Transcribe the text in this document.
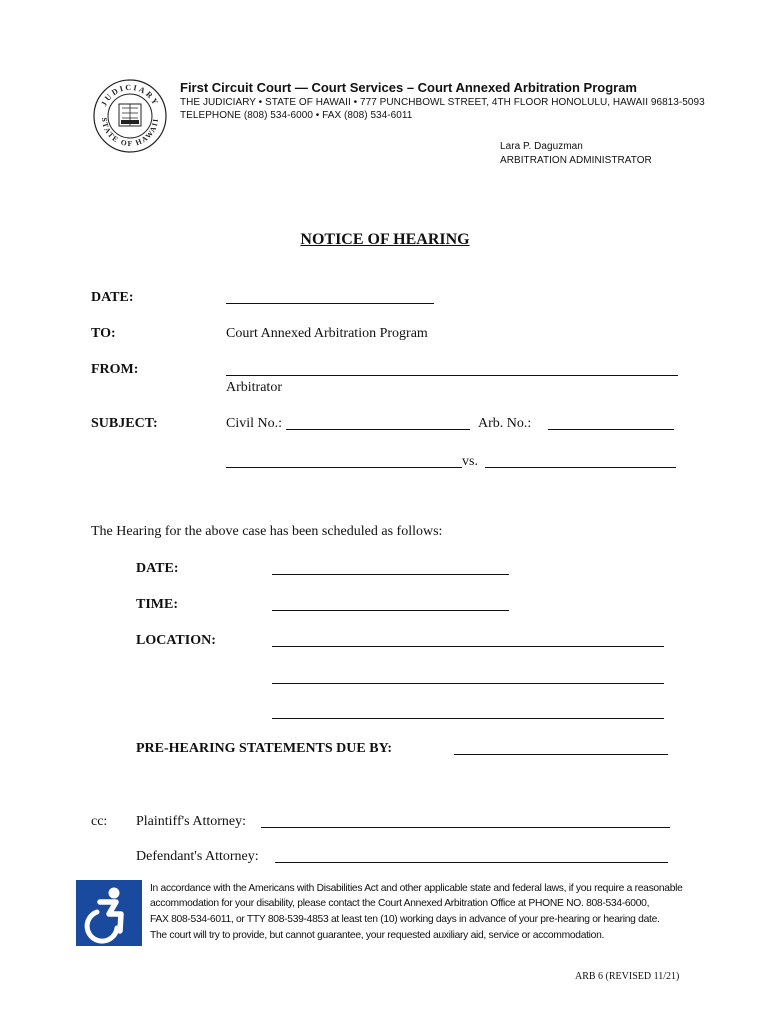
JUDICIARY
STATE OF HAWAII
First Circuit Court — Court Services – Court Annexed Arbitration Program
THE JUDICIARY • STATE OF HAWAII • 777 PUNCHBOWL STREET, 4TH FLOOR HONOLULU, HAWAII 96813-5093
TELEPHONE (808) 534-6000 • FAX (808) 534-6011
Lara P. Daguzman
ARBITRATION ADMINISTRATOR
NOTICE OF HEARING
DATE:
TO:	Court Annexed Arbitration Program
FROM:
Arbitrator
SUBJECT:	Civil No.:	Arb. No.:
vs.
The Hearing for the above case has been scheduled as follows:
DATE:
TIME:
LOCATION:
PRE-HEARING STATEMENTS DUE BY:
cc: Plaintiff's Attorney:
Defendant's Attorney:
In accordance with the Americans with Disabilities Act and other applicable state and federal laws, if you require a reasonable
accommodation for your disability, please contact the Court Annexed Arbitration Office at PHONE NO. 808-534-6000,
FAX 808-534-6011, or TTY 808-539-4853 at least ten (10) working days in advance of your pre-hearing or hearing date.
The court will try to provide, but cannot guarantee, your requested auxiliary aid, service or accommodation.
ARB 6 (REVISED 11/21)
